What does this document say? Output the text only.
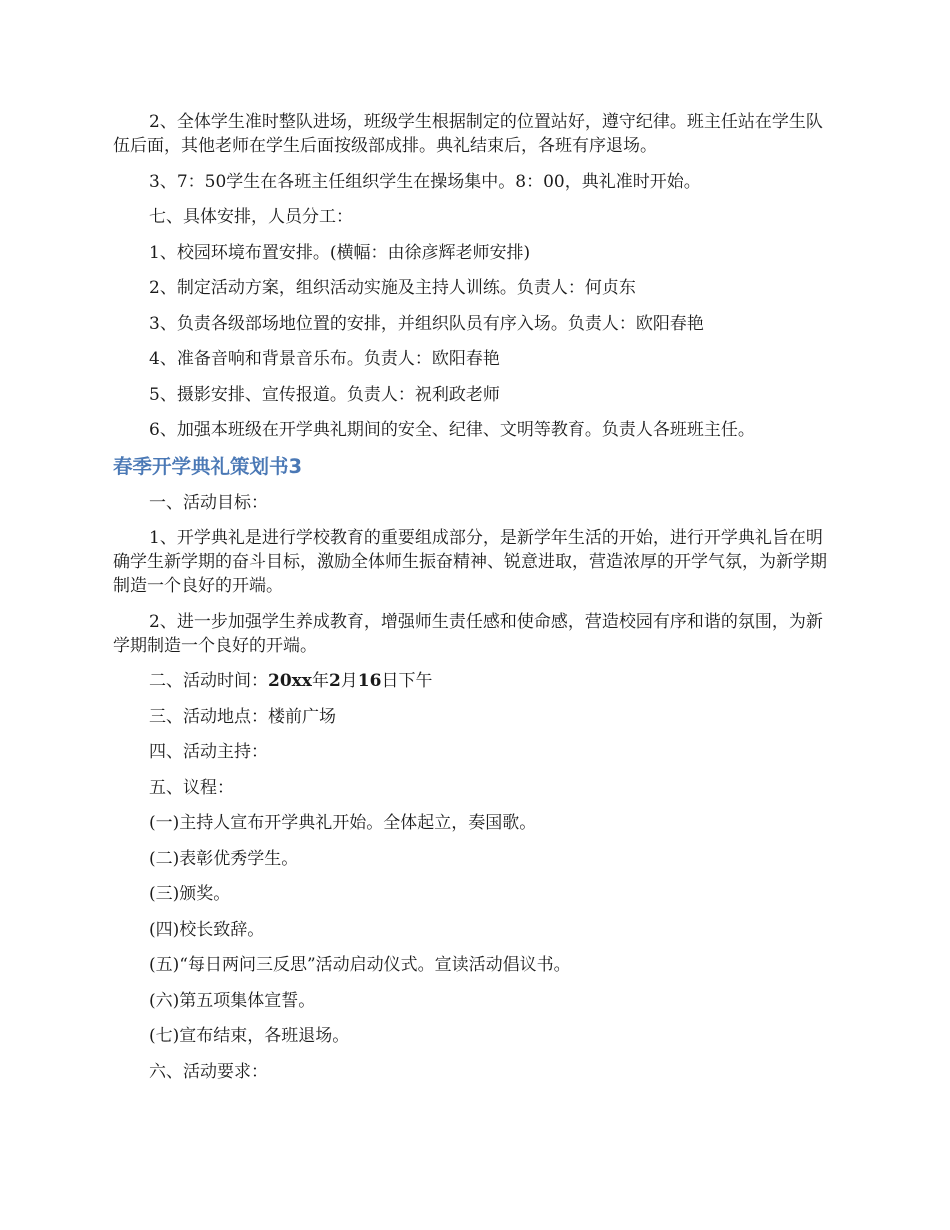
2、全体学生准时整队进场，班级学生根据制定的位置站好，遵守纪律。班主任站在学生队伍后面，其他老师在学生后面按级部成排。典礼结束后，各班有序退场。

3、7：50学生在各班主任组织学生在操场集中。8：00，典礼准时开始。

七、具体安排，人员分工：

1、校园环境布置安排。(横幅：由徐彦辉老师安排)

2、制定活动方案，组织活动实施及主持人训练。负责人：何贞东

3、负责各级部场地位置的安排，并组织队员有序入场。负责人：欧阳春艳

4、准备音响和背景音乐布。负责人：欧阳春艳

5、摄影安排、宣传报道。负责人：祝利政老师

6、加强本班级在开学典礼期间的安全、纪律、文明等教育。负责人各班班主任。

春季开学典礼策划书3

一、活动目标：

1、开学典礼是进行学校教育的重要组成部分，是新学年生活的开始，进行开学典礼旨在明确学生新学期的奋斗目标，激励全体师生振奋精神、锐意进取，营造浓厚的开学气氛，为新学期制造一个良好的开端。

2、进一步加强学生养成教育，增强师生责任感和使命感，营造校园有序和谐的氛围，为新学期制造一个良好的开端。

二、活动时间：20xx年2月16日下午

三、活动地点：楼前广场

四、活动主持：

五、议程：

(一)主持人宣布开学典礼开始。全体起立，奏国歌。

(二)表彰优秀学生。

(三)颁奖。

(四)校长致辞。

(五)“每日两问三反思”活动启动仪式。宣读活动倡议书。

(六)第五项集体宣誓。

(七)宣布结束，各班退场。

六、活动要求：
